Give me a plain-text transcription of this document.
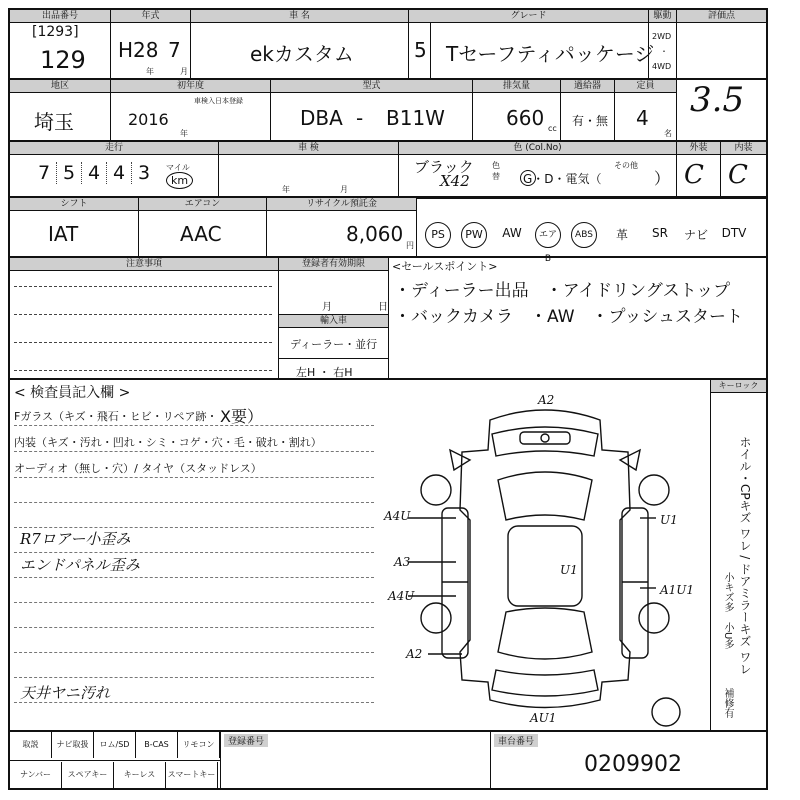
出品番号
[1293]
129
年式
H28 7
年	月
車 名
ekカスタム
グレード
5 Tセーフティパッケージ
駆動
2WD
・
4WD
評価点
3.5
地区
埼玉
初年度
車検入日本登録
2016
年
型式
DBA - B11W
排気量
660 cc
過給器
有・無
定員
4
名
走行
7 5 4 4 3	マイル
km
車 検
年	月
色 (Col.No)
ブラック
X42
色替 G・D・電気（
その他
）
外装
C
内装
C
シフト
IAT
エアコン
AAC
リサイクル預託金
8,060 円
PS	PW	AW	エアB
ABS	革	SR	ナビ	DTV
注意事項	登録者有効期限
月	日
輸入車
ディーラー・並行
左H ・ 右H
<セールスポイント>
・ディーラー出品　・アイドリングストップ
・バックカメラ　・AW　・プッシュスタート
< 検査員記入欄 >
Fガラス（キズ・飛石・ヒビ・リペア跡・ X要）
内装（キズ・汚れ・凹れ・シミ・コゲ・穴・毛・破れ・割れ）
オーディオ（無し・穴）/ タイヤ（スタッドレス）
R7ロアー小歪み
エンドパネル歪み
天井ヤニ汚れ
A2
U1
A4U
U1
A3
A4U	A1U1
A2
AU1
キーロック
ホイル・CPキズ ワレ / ドアミラーキズ ワレ
小キズ多
小U多
補修有
取説 ナビ取扱 ロム/SD B-CAS リモコン
ナンバー スペアキー キーレス スマートキー
登録番号	車台番号
0209902
